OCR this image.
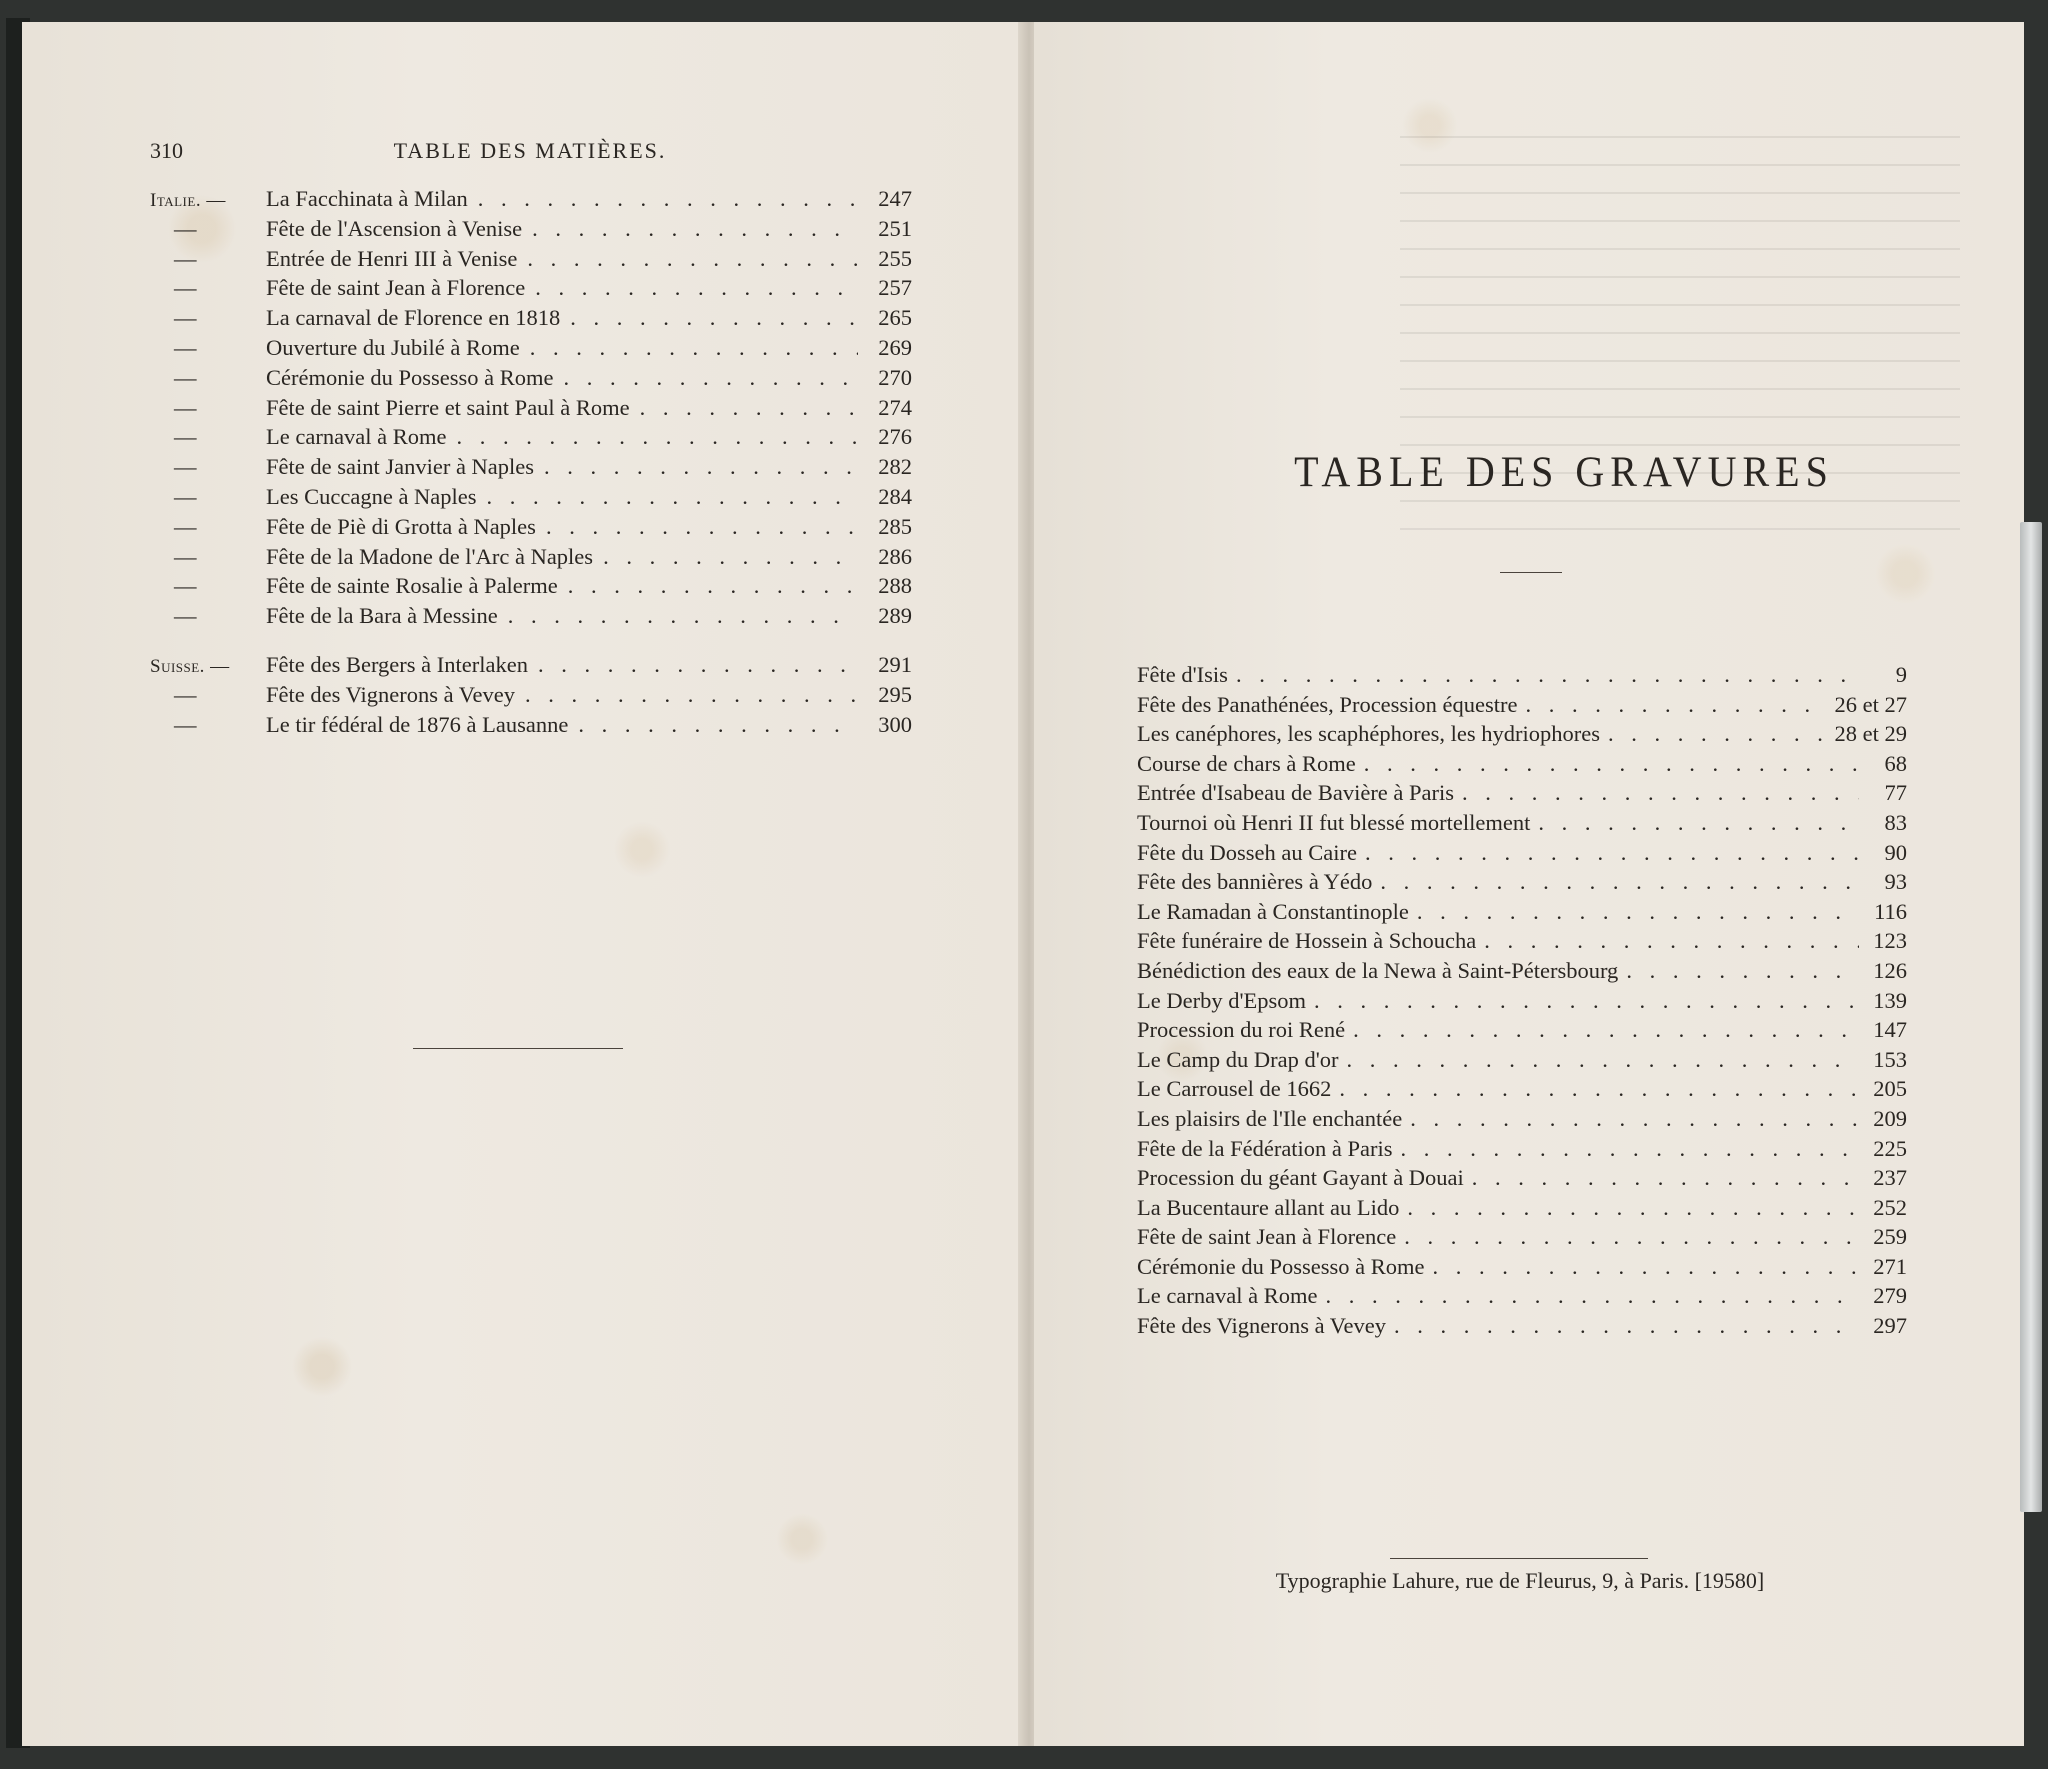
310	TABLE DES MATIÈRES.
Italie. —	La Facchinata à Milan . . .	247
—	Fête de l'Ascension à Venise . . .	251
—	Entrée de Henri III à Venise . . .	255
—	Fête de saint Jean à Florence . . .	257
—	La carnaval de Florence en 1818 . . .	265
—	Ouverture du Jubilé à Rome . . .	269
—	Cérémonie du Possesso à Rome . . .	270
—	Fête de saint Pierre et saint Paul à Rome . . .	274
—	Le carnaval à Rome . . .	276
—	Fête de saint Janvier à Naples . . .	282
—	Les Cuccagne à Naples . . .	284
—	Fête de Piè di Grotta à Naples . . .	285
—	Fête de la Madone de l'Arc à Naples . . .	286
—	Fête de sainte Rosalie à Palerme . . .	288
—	Fête de la Bara à Messine . . .	289
Suisse. —	Fête des Bergers à Interlaken . . .	291
—	Fête des Vignerons à Vevey . . .	295
—	Le tir fédéral de 1876 à Lausanne . . .	300
TABLE DES GRAVURES
Fête d'Isis . . .	9
Fête des Panathénées, Procession équestre . . .	26 et 27
Les canéphores, les scaphéphores, les hydriophores . . .	28 et 29
Course de chars à Rome . . .	68
Entrée d'Isabeau de Bavière à Paris . . .	77
Tournoi où Henri II fut blessé mortellement . . .	83
Fête du Dosseh au Caire . . .	90
Fête des bannières à Yédo . . .	93
Le Ramadan à Constantinople . . .	116
Fête funéraire de Hossein à Schoucha . . .	123
Bénédiction des eaux de la Newa à Saint-Pétersbourg . . .	126
Le Derby d'Epsom . . .	139
Procession du roi René . . .	147
Le Camp du Drap d'or . . .	153
Le Carrousel de 1662 . . .	205
Les plaisirs de l'Ile enchantée . . .	209
Fête de la Fédération à Paris . . .	225
Procession du géant Gayant à Douai . . .	237
La Bucentaure allant au Lido . . .	252
Fête de saint Jean à Florence . . .	259
Cérémonie du Possesso à Rome . . .	271
Le carnaval à Rome . . .	279
Fête des Vignerons à Vevey . . .	297
Typographie Lahure, rue de Fleurus, 9, à Paris. [19580]
